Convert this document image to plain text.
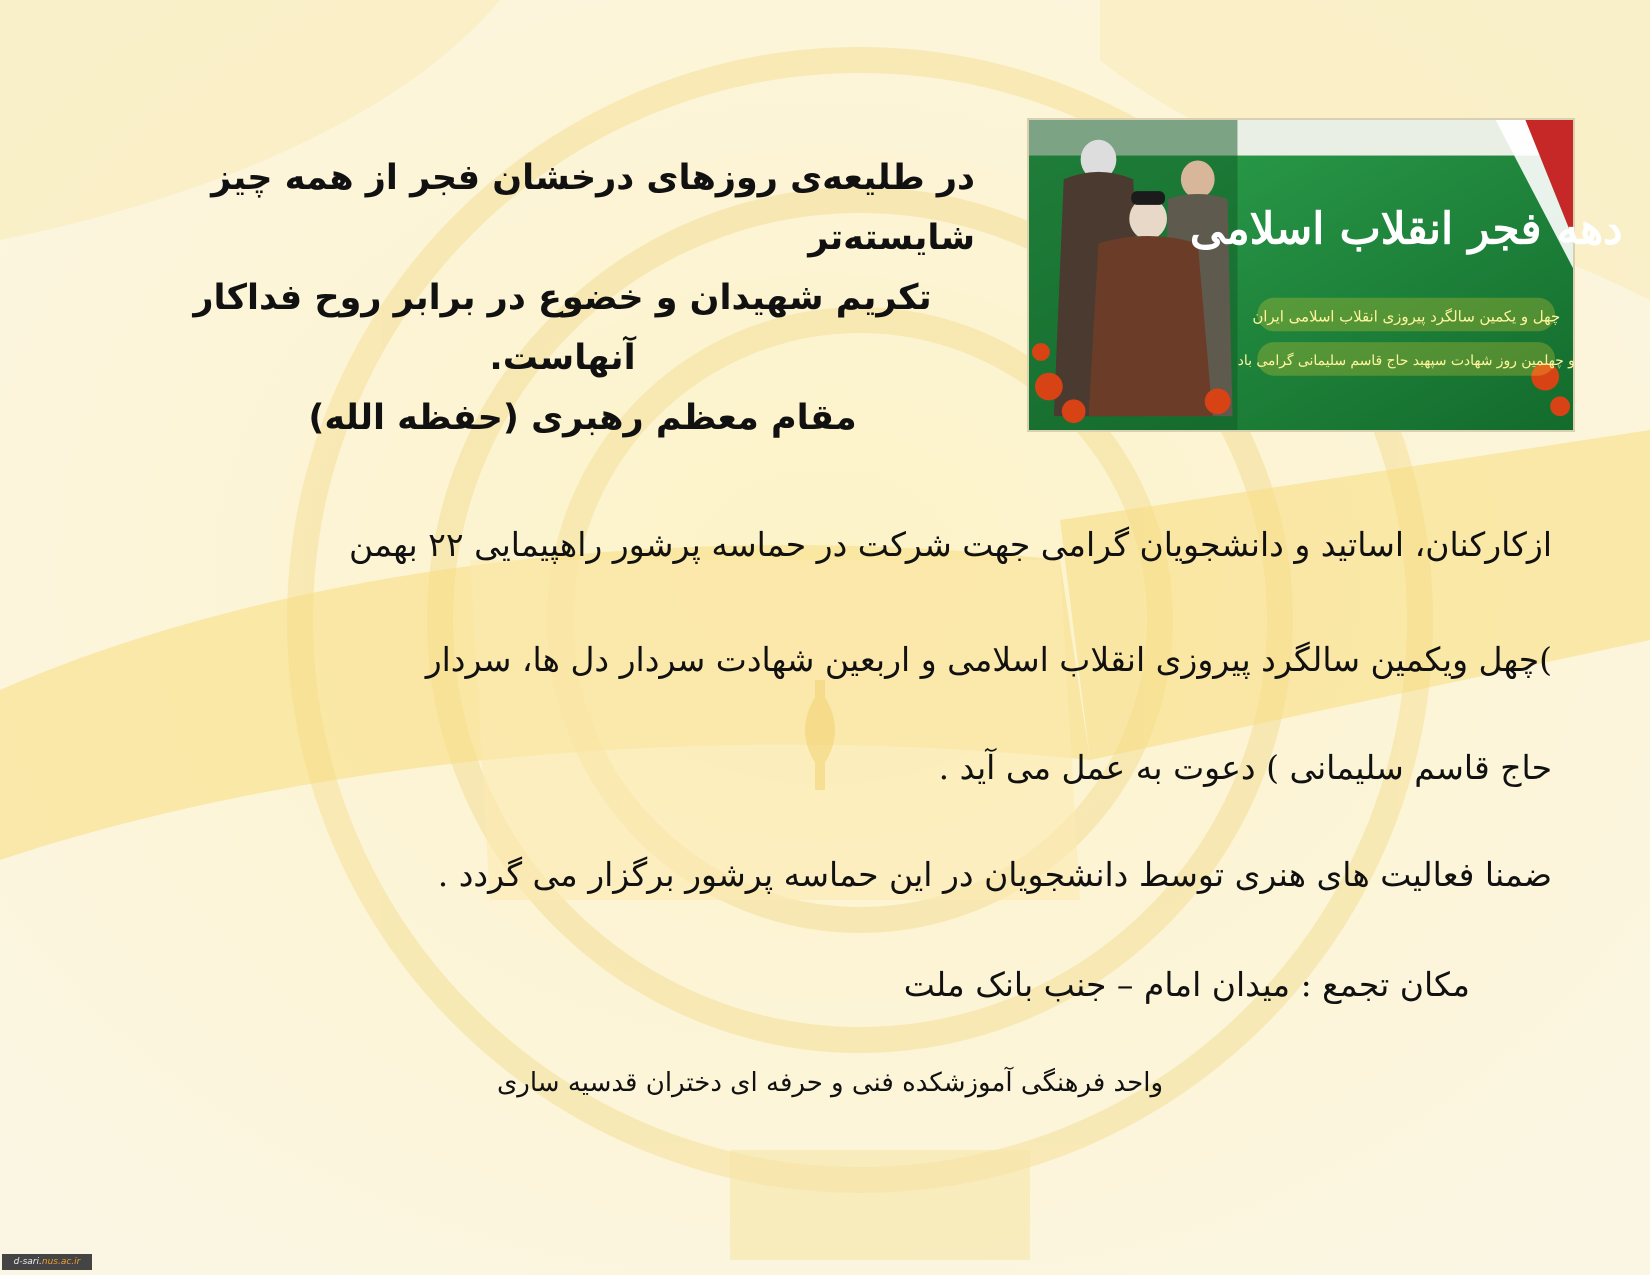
در طلیعه‌ی روزهای درخشان فجر از همه چیز شایسته‌تر
تکریم شهیدان و خضوع در برابر روح فداکار آنهاست.
مقام معظم رهبری (حفظه الله)
دهه فجر انقلاب اسلامی
چهل و یکمین سالگرد پیروزی انقلاب اسلامی ایران
و چهلمین روز شهادت سپهبد حاج قاسم سلیمانی گرامی باد
ازکارکنان، اساتید و دانشجویان گرامی جهت شرکت در حماسه پرشور راهپیمایی ۲۲ بهمن
)چهل ویکمین سالگرد پیروزی انقلاب اسلامی و اربعین شهادت سردار دل ها، سردار
حاج قاسم سلیمانی ) دعوت به عمل می آید .
ضمنا فعالیت های هنری توسط دانشجویان در این حماسه پرشور برگزار می گردد .
مکان تجمع : میدان امام – جنب بانک ملت
واحد فرهنگی آموزشکده فنی و حرفه ای دختران قدسیه ساری
d-sari.nus.ac.ir
